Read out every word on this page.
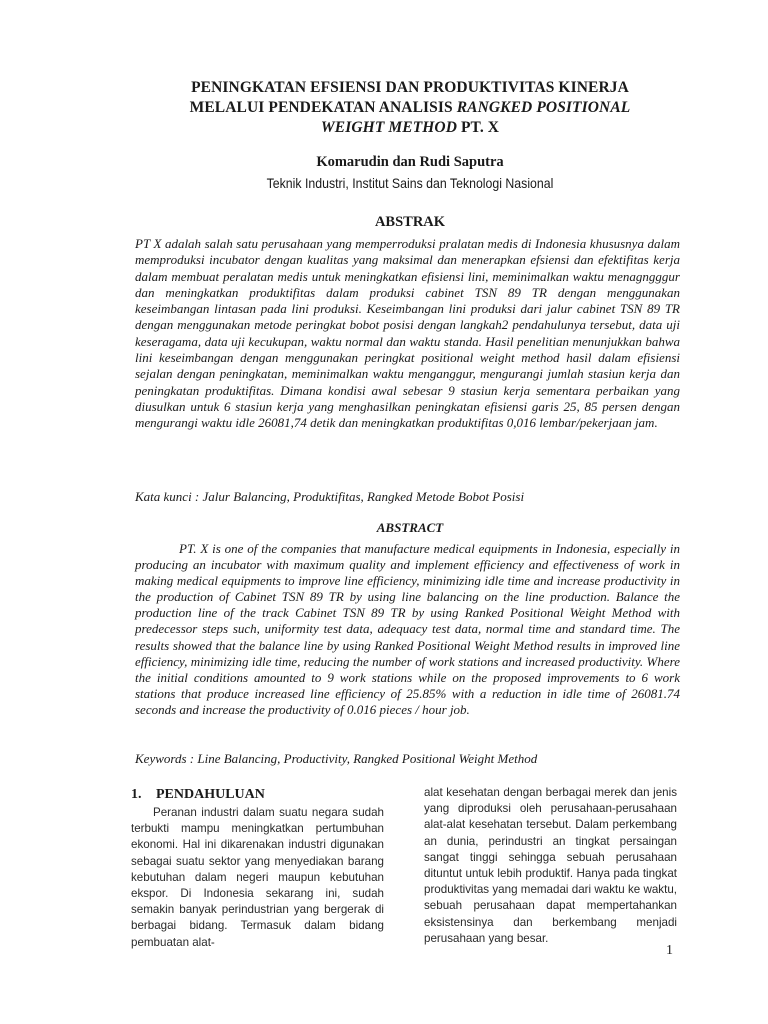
PENINGKATAN EFSIENSI DAN PRODUKTIVITAS KINERJA
MELALUI PENDEKATAN ANALISIS RANGKED POSITIONAL
WEIGHT METHOD PT. X
Komarudin dan Rudi Saputra
Teknik Industri, Institut Sains dan Teknologi Nasional
ABSTRAK
PT X adalah salah satu perusahaan yang memperroduksi pralatan medis di Indonesia khususnya dalam memproduksi incubator dengan kualitas yang maksimal dan menerapkan efsiensi dan efektifitas kerja dalam membuat peralatan medis untuk meningkatkan efisiensi lini, meminimalkan waktu menagngggur dan meningkatkan produktifitas dalam produksi cabinet TSN 89 TR dengan menggunakan keseimbangan lintasan pada lini produksi. Keseimbangan lini produksi dari jalur cabinet TSN 89 TR dengan menggunakan metode peringkat bobot posisi dengan langkah2 pendahulunya tersebut, data uji keseragama, data uji kecukupan, waktu normal dan waktu standa. Hasil penelitian menunjukkan bahwa lini keseimbangan dengan menggunakan peringkat positional weight method hasil dalam efisiensi sejalan dengan peningkatan, meminimalkan waktu menganggur, mengurangi jumlah stasiun kerja dan peningkatan produktifitas. Dimana kondisi awal sebesar 9 stasiun kerja sementara perbaikan yang diusulkan untuk 6 stasiun kerja yang menghasilkan peningkatan efisiensi garis 25, 85 persen dengan mengurangi waktu idle 26081,74 detik dan meningkatkan produktifitas 0,016 lembar/pekerjaan jam.
Kata kunci : Jalur Balancing, Produktifitas, Rangked Metode Bobot Posisi
ABSTRACT
PT. X is one of the companies that manufacture medical equipments in Indonesia, especially in producing an incubator with maximum quality and implement efficiency and effectiveness of work in making medical equipments to improve line efficiency, minimizing idle time and increase productivity in the production of Cabinet TSN 89 TR by using line balancing on the line production. Balance the production line of the track Cabinet TSN 89 TR by using Ranked Positional Weight Method with predecessor steps such, uniformity test data, adequacy test data, normal time and standard time. The results showed that the balance line by using Ranked Positional Weight Method results in improved line efficiency, minimizing idle time, reducing the number of work stations and increased productivity. Where the initial conditions amounted to 9 work stations while on the proposed improvements to 6 work stations that produce increased line efficiency of 25.85% with a reduction in idle time of 26081.74 seconds and increase the productivity of 0.016 pieces / hour job.
Keywords : Line Balancing, Productivity, Rangked Positional Weight Method
1. PENDAHULUAN
Peranan industri dalam suatu negara sudah terbukti mampu meningkatkan pertumbuhan ekonomi. Hal ini dikarenakan industri digunakan sebagai suatu sektor yang menyediakan barang kebutuhan dalam negeri maupun kebutuhan ekspor. Di Indonesia sekarang ini, sudah semakin banyak perindustrian yang bergerak di berbagai bidang. Termasuk dalam bidang pembuatan alat-
alat kesehatan dengan berbagai merek dan jenis yang diproduksi oleh perusahaan-perusahaan alat-alat kesehatan tersebut. Dalam perkembang an dunia, perindustri an tingkat persaingan sangat tinggi sehingga sebuah perusahaan dituntut untuk lebih produktif. Hanya pada tingkat produktivitas yang memadai dari waktu ke waktu, sebuah perusahaan dapat mempertahankan eksistensinya dan berkembang menjadi perusahaan yang besar.
1
